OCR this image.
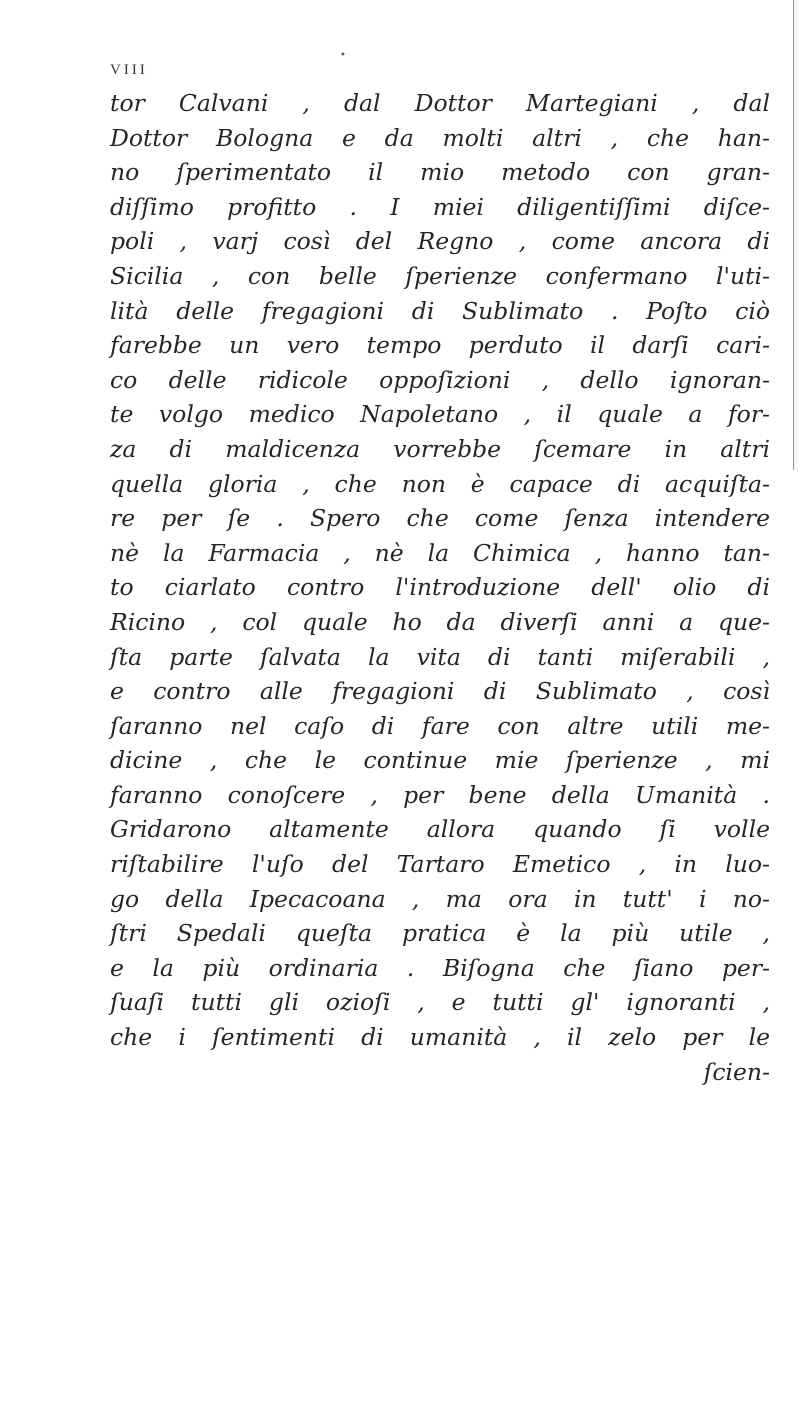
•
VIII
tor Calvani , dal Dottor Martegiani , dal
Dottor Bologna e da molti altri , che han-
no ſperimentato il mio metodo con gran-
diſſimo profitto . I miei diligentiſſimi diſce-
poli , varj così del Regno , come ancora di
Sicilia , con belle ſperienze confermano l'uti-
lità delle fregagioni di Sublimato . Poſto ciò
farebbe un vero tempo perduto il darſi cari-
co delle ridicole oppoſizioni , dello ignoran-
te volgo medico Napoletano , il quale a for-
za di maldicenza vorrebbe ſcemare in altri
quella gloria , che non è capace di acquiſta-
re per ſe . Spero che come ſenza intendere
nè la Farmacia , nè la Chimica , hanno tan-
to ciarlato contro l'introduzione dell' olio di
Ricino , col quale ho da diverſi anni a que-
ſta parte ſalvata la vita di tanti miſerabili ,
e contro alle fregagioni di Sublimato , così
ſaranno nel caſo di fare con altre utili me-
dicine , che le continue mie ſperienze , mi
faranno conoſcere , per bene della Umanità .
Gridarono altamente allora quando ſi volle
riſtabilire l'uſo del Tartaro Emetico , in luo-
go della Ipecacoana , ma ora in tutt' i no-
ſtri Spedali queſta pratica è la più utile ,
e la più ordinaria . Biſogna che ſiano per-
ſuaſi tutti gli ozioſi , e tutti gl' ignoranti ,
che i ſentimenti di umanità , il zelo per le
ſcien-
